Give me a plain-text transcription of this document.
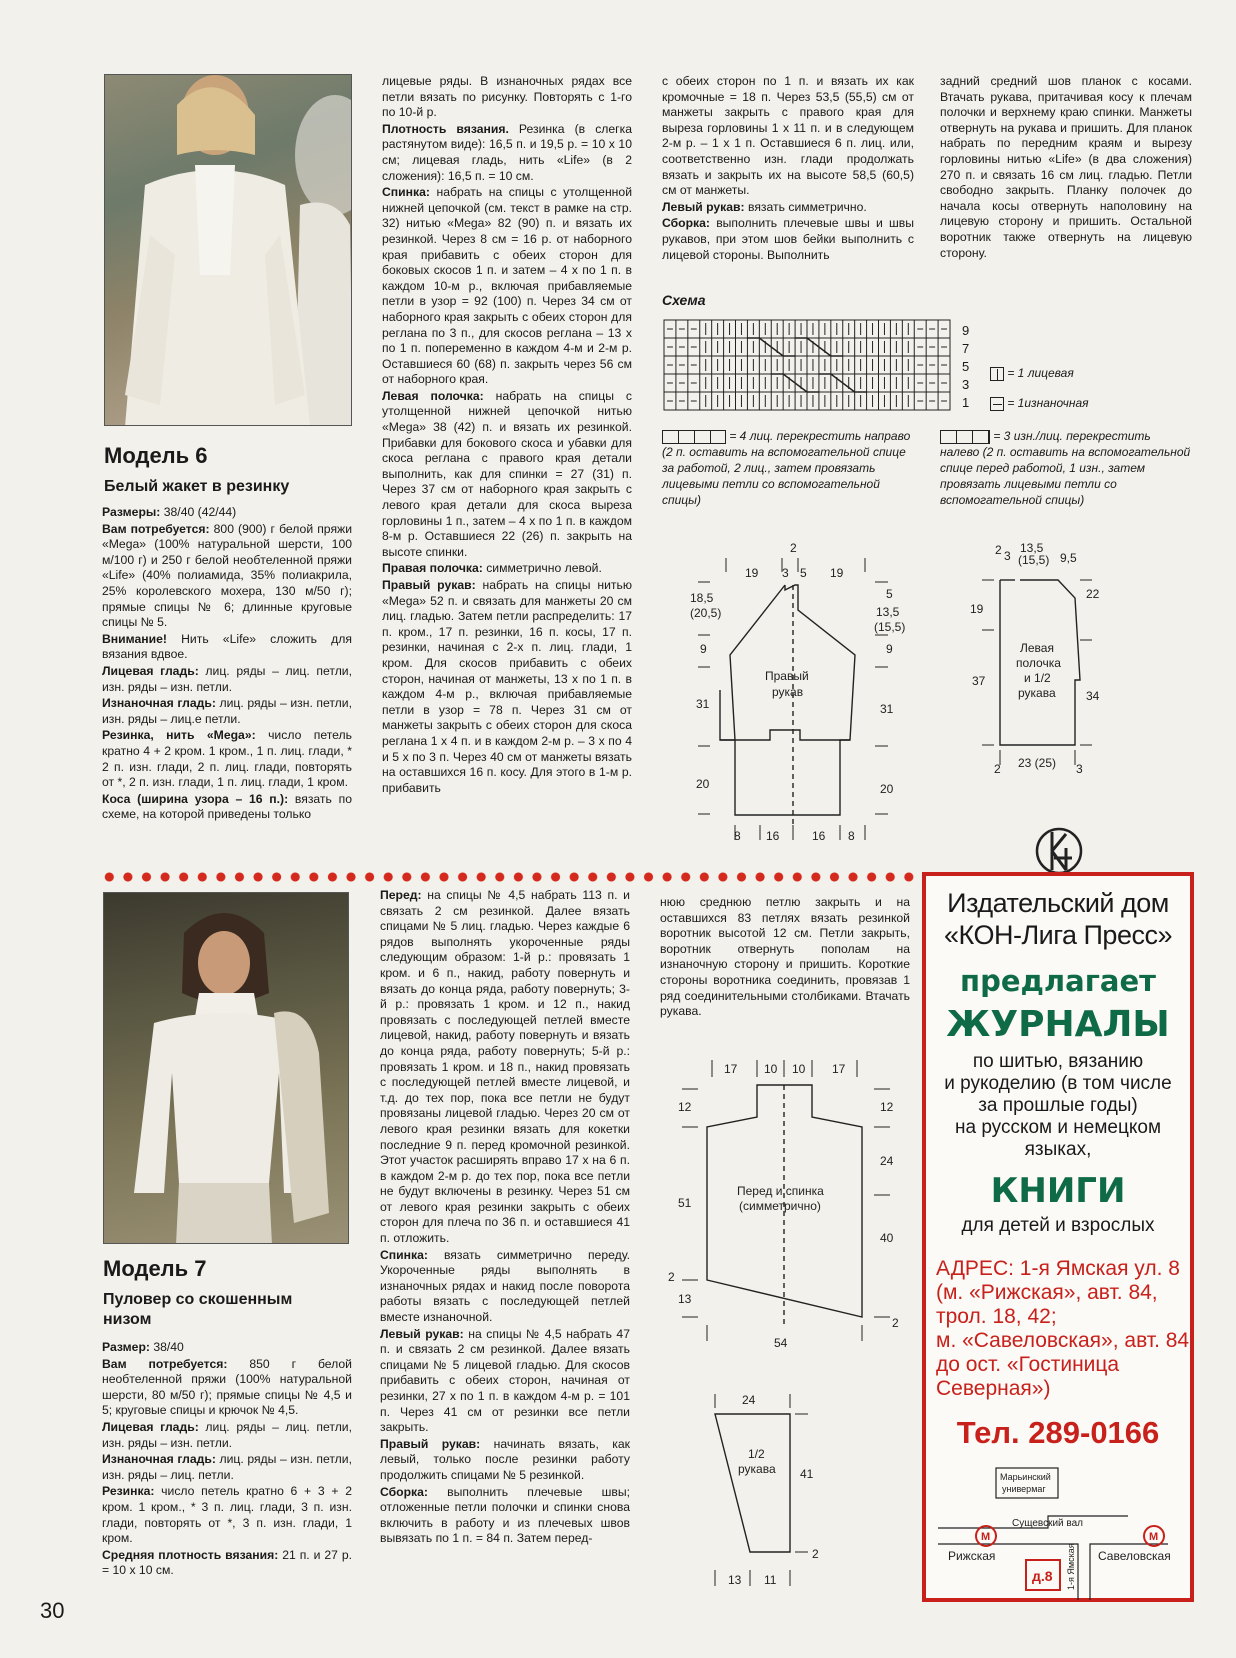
Модель 6
Белый жакет в резинку

Размеры: 38/40 (42/44)

Вам потребуется: 800 (900) г белой пряжи «Mega» (100% натуральной шерсти, 100 м/100 г) и 250 г белой необтеленной пряжи «Life» (40% полиамида, 35% полиакрила, 25% королевского мохера, 130 м/50 г); прямые спицы № 6; длинные круговые спицы № 5.

Внимание! Нить «Life» сложить для вязания вдвое.

Лицевая гладь: лиц. ряды – лиц. петли, изн. ряды – изн. петли.

Изнаночная гладь: лиц. ряды – изн. петли, изн. ряды – лиц.е петли.

Резинка, нить «Mega»: число петель кратно 4 + 2 кром. 1 кром., 1 п. лиц. глади, * 2 п. изн. глади, 2 п. лиц. глади, повторять от *, 2 п. изн. глади, 1 п. лиц. глади, 1 кром.

Коса (ширина узора – 16 п.): вязать по схеме, на которой приведены только

лицевые ряды. В изнаночных рядах все петли вязать по рисунку. Повторять с 1-го по 10-й р.

Плотность вязания. Резинка (в слегка растянутом виде): 16,5 п. и 19,5 р. = 10 x 10 см; лицевая гладь, нить «Life» (в 2 сложения): 16,5 п. = 10 см.

Спинка: набрать на спицы с утолщенной нижней цепочкой (см. текст в рамке на стр. 32) нитью «Mega» 82 (90) п. и вязать их резинкой. Через 8 см = 16 р. от наборного края прибавить с обеих сторон для боковых скосов 1 п. и затем – 4 x по 1 п. в каждом 10-м р., включая прибавляемые петли в узор = 92 (100) п. Через 34 см от наборного края закрыть с обеих сторон для реглана по 3 п., для скосов реглана – 13 x по 1 п. попеременно в каждом 4-м и 2-м р. Оставшиеся 60 (68) п. закрыть через 56 см от наборного края.

Левая полочка: набрать на спицы с утолщенной нижней цепочкой нитью «Mega» 38 (42) п. и вязать их резинкой. Прибавки для бокового скоса и убавки для скоса реглана с правого края детали выполнить, как для спинки = 27 (31) п. Через 37 см от наборного края закрыть с левого края детали для скоса выреза горловины 1 п., затем – 4 x по 1 п. в каждом 8-м р. Оставшиеся 22 (26) п. закрыть на высоте спинки.

Правая полочка: симметрично левой.

Правый рукав: набрать на спицы нитью «Mega» 52 п. и связать для манжеты 20 см лиц. гладью. Затем петли распределить: 17 п. кром., 17 п. резинки, 16 п. косы, 17 п. резинки, начиная с 2-х п. лиц. глади, 1 кром. Для скосов прибавить с обеих сторон, начиная от манжеты, 13 x по 1 п. в каждом 4-м р., включая прибавляемые петли в узор = 78 п. Через 31 см от манжеты закрыть с обеих сторон для скоса реглана 1 x 4 п. и в каждом 2-м р. – 3 x по 4 и 5 x по 3 п. Через 40 см от манжеты вязать на оставшихся 16 п. косу. Для этого в 1-м р. прибавить

с обеих сторон по 1 п. и вязать их как кромочные = 18 п. Через 53,5 (55,5) см от манжеты закрыть с правого края для выреза горловины 1 x 11 п. и в следующем 2-м р. – 1 x 1 п. Оставшиеся 6 п. лиц. или, соответственно изн. глади продолжать вязать и закрыть их на высоте 58,5 (60,5) см от манжеты.

Левый рукав: вязать симметрично.

Сборка: выполнить плечевые швы и швы рукавов, при этом шов бейки выполнить с лицевой стороны. Выполнить

задний средний шов планок с косами. Втачать рукава, притачивая косу к плечам полочки и верхнему краю спинки. Манжеты отвернуть на рукава и пришить. Для планок набрать по передним краям и вырезу горловины нитью «Life» (в два сложения) 270 п. и связать 16 см лиц. гладью. Петли свободно закрыть. Планку полочек до начала косы отвернуть наполовину на лицевую сторону и пришить. Остальной воротник также отвернуть на лицевую сторону.

Схема
9
7
5
3
1
= 1 лицевая
= 1изнаночная
= 4 лиц. перекрестить направо (2 п. оставить на вспомогательной спице за работой, 2 лиц., затем провязать лицевыми петли со вспомогательной спицы)
= 3 изн./лиц. перекрестить налево (2 п. оставить на вспомогательной спице перед работой, 1 изн., затем провязать лицевыми петли со вспомогательной спицы)
19
2
3 5 19
18,5
(20,5)
9
31
20
5
13,5
(15,5)
9
31
20
8 16	16 8
Правый
рукав
2 3
13,5
(15,5) 9,5
19
37
22
34
2 23 (25) 3
Левая
полочка
и 1/2
рукава
Модель 7
Пуловер со скошенным низом

Размер: 38/40

Вам потребуется: 850 г белой необтеленной пряжи (100% натуральной шерсти, 80 м/50 г); прямые спицы № 4,5 и 5; круговые спицы и крючок № 4,5.

Лицевая гладь: лиц. ряды – лиц. петли, изн. ряды – изн. петли.

Изнаночная гладь: лиц. ряды – изн. петли, изн. ряды – лиц. петли.

Резинка: число петель кратно 6 + 3 + 2 кром. 1 кром., * 3 п. лиц. глади, 3 п. изн. глади, повторять от *, 3 п. изн. глади, 1 кром.

Средняя плотность вязания: 21 п. и 27 р. = 10 x 10 см.

Перед: на спицы № 4,5 набрать 113 п. и связать 2 см резинкой. Далее вязать спицами № 5 лиц. гладью. Через каждые 6 рядов выполнять укороченные ряды следующим образом: 1-й р.: провязать 1 кром. и 6 п., накид, работу повернуть и вязать до конца ряда, работу повернуть; 3-й р.: провязать 1 кром. и 12 п., накид провязать с последующей петлей вместе лицевой, накид, работу повернуть и вязать до конца ряда, работу повернуть; 5-й р.: провязать 1 кром. и 18 п., накид провязать с последующей петлей вместе лицевой, и т.д. до тех пор, пока все петли не будут провязаны лицевой гладью. Через 20 см от левого края резинки вязать для кокетки последние 9 п. перед кромочной резинкой. Этот участок расширять вправо 17 x на 6 п. в каждом 2-м р. до тех пор, пока все петли не будут включены в резинку. Через 51 см от левого края резинки закрыть с обеих сторон для плеча по 36 п. и оставшиеся 41 п. отложить.

Спинка: вязать симметрично переду. Укороченные ряды выполнять в изнаночных рядах и накид после поворота работы вязать с последующей петлей вместе изнаночной.

Левый рукав: на спицы № 4,5 набрать 47 п. и связать 2 см резинкой. Далее вязать спицами № 5 лицевой гладью. Для скосов прибавить с обеих сторон, начиная от резинки, 27 x по 1 п. в каждом 4-м р. = 101 п. Через 41 см от резинки все петли закрыть.

Правый рукав: начинать вязать, как левый, только после резинки работу продолжить спицами № 5 резинкой.

Сборка: выполнить плечевые швы; отложенные петли полочки и спинки снова включить в работу и из плечевых швов вывязать по 1 п. = 84 п. Затем перед-

нюю среднюю петлю закрыть и на оставшихся 83 петлях вязать резинкой воротник высотой 12 см. Петли закрыть, воротник отвернуть пополам на изнаночную сторону и пришить. Короткие стороны воротника соединить, провязав 1 ряд соединительными столбиками. Втачать рукава.

17 10 10 17
12
51
2
13
12
24
40
2
54
Перед и спинка
(симметрично)
24
41
2
13 11
1/2
рукава
Издательский дом
«КОН-Лига Пресс»
предлагает
ЖУРНАЛЫ
по шитью, вязанию
и рукоделию (в том числе
за прошлые годы)
на русском и немецком
языках,
КНИГИ
для детей и взрослых
АДРЕС: 1-я Ямская ул. 8
(м. «Рижская», авт. 84,
трол. 18, 42;
м. «Савеловская», авт. 84
до ост. «Гостиница
Северная»)
Тел. 289-0166
Марьинский
универмаг
Сущевский вал
Рижская	Савеловская
д.8 1-я Ямская
М	М
30
